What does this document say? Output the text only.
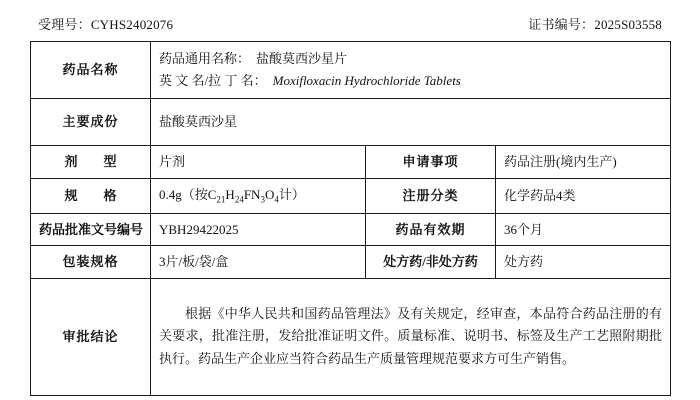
受理号：CYHS2402076	证书编号：2025S03558
药品名称	药品通用名称： 盐酸莫西沙星片
英 文 名/拉 丁 名： Moxifloxacin Hydrochloride Tablets		

主要成份	盐酸莫西沙星		
剂　　型	片剂	申请事项	药品注册(境内生产)
规　　格	0.4g（按$C_{21}H_{24}FN_3O_4$计）	注册分类	化学药品4类
药品批准文号编号	YBH29422025	药品有效期	36个月
包装规格	3片/板/袋/盒	处方药/非处方药	处方药
审批结论	根据《中华人民共和国药品管理法》及有关规定，经审查，本品符合药品注册的有关要求，批准注册，发给批准证明文件。质量标准、说明书、标签及生产工艺照附期批执行。药品生产企业应当符合药品生产质量管理规范要求方可生产销售。		
